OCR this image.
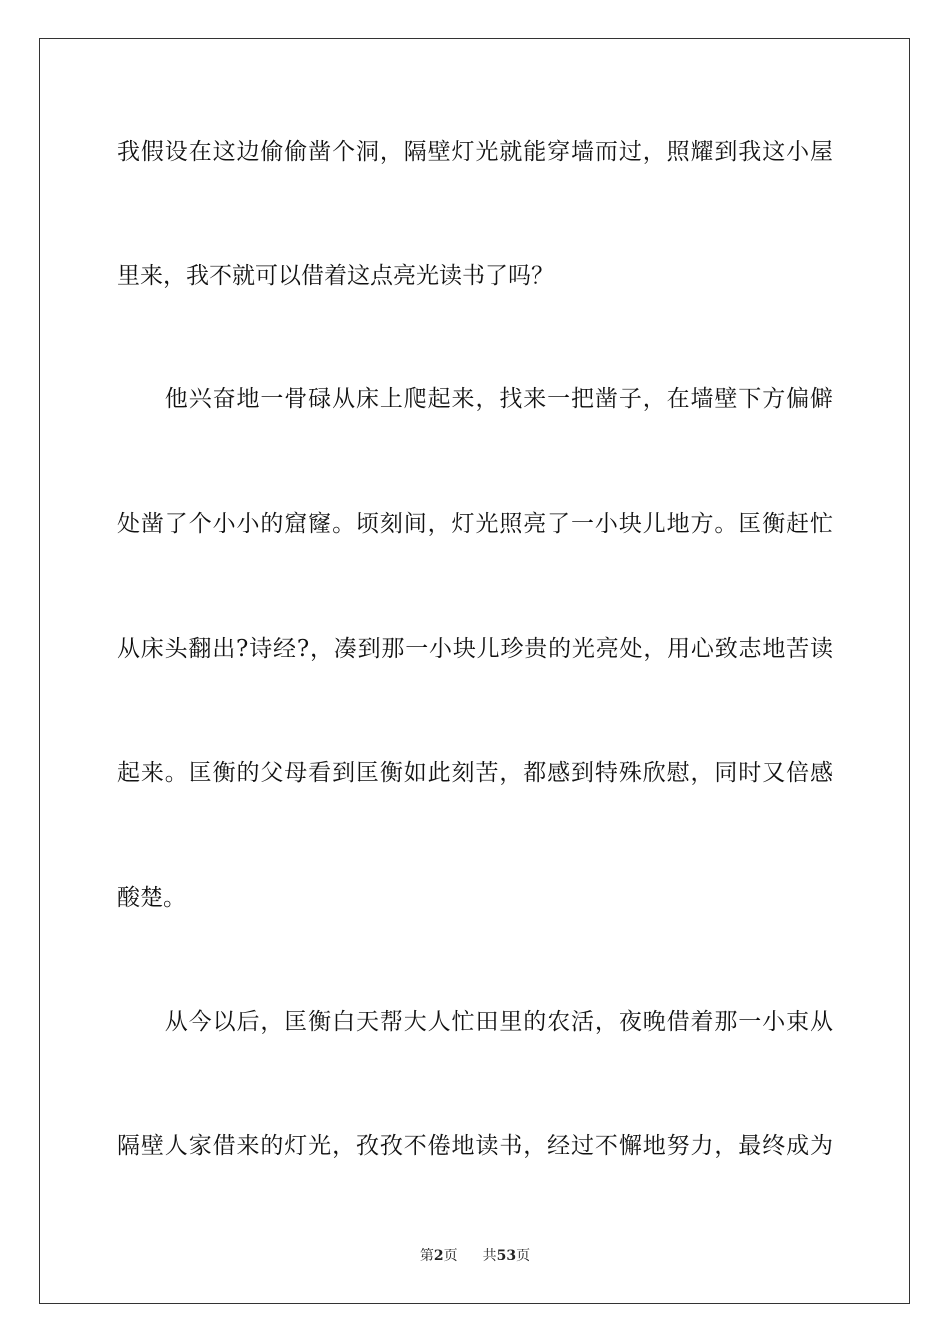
我假设在这边偷偷凿个洞，隔壁灯光就能穿墙而过，照耀到我这小屋
里来，我不就可以借着这点亮光读书了吗？
　　他兴奋地一骨碌从床上爬起来，找来一把凿子，在墙壁下方偏僻
处凿了个小小的窟窿。顷刻间，灯光照亮了一小块儿地方。匡衡赶忙
从床头翻出?诗经?，凑到那一小块儿珍贵的光亮处，用心致志地苦读
起来。匡衡的父母看到匡衡如此刻苦，都感到特殊欣慰，同时又倍感
酸楚。
　　从今以后，匡衡白天帮大人忙田里的农活，夜晚借着那一小束从
隔壁人家借来的灯光，孜孜不倦地读书，经过不懈地努力，最终成为
第2页 共53页
